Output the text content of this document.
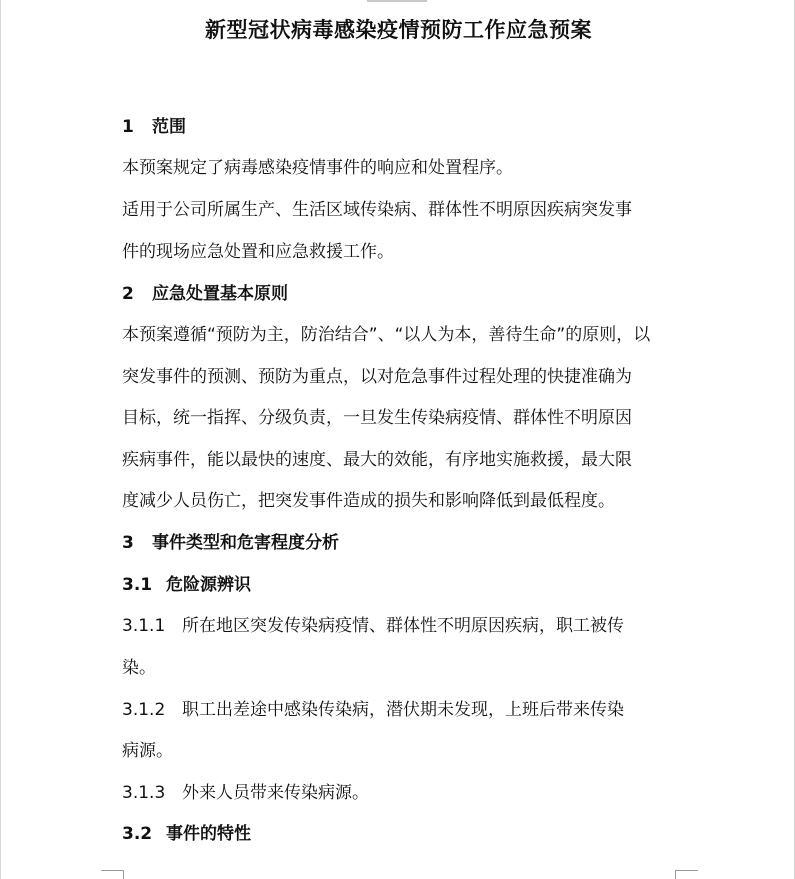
新型冠状病毒感染疫情预防工作应急预案
1 范围
本预案规定了病毒感染疫情事件的响应和处置程序。
适用于公司所属生产、生活区域传染病、群体性不明原因疾病突发事
件的现场应急处置和应急救援工作。
2 应急处置基本原则
本预案遵循“预防为主，防治结合”、“以人为本，善待生命”的原则，以
突发事件的预测、预防为重点，以对危急事件过程处理的快捷准确为
目标，统一指挥、分级负责，一旦发生传染病疫情、群体性不明原因
疾病事件，能以最快的速度、最大的效能，有序地实施救援，最大限
度减少人员伤亡，把突发事件造成的损失和影响降低到最低程度。
3 事件类型和危害程度分析
3.1 危险源辨识
3.1.1 所在地区突发传染病疫情、群体性不明原因疾病，职工被传
染。
3.1.2 职工出差途中感染传染病，潜伏期未发现，上班后带来传染
病源。
3.1.3 外来人员带来传染病源。
3.2 事件的特性
